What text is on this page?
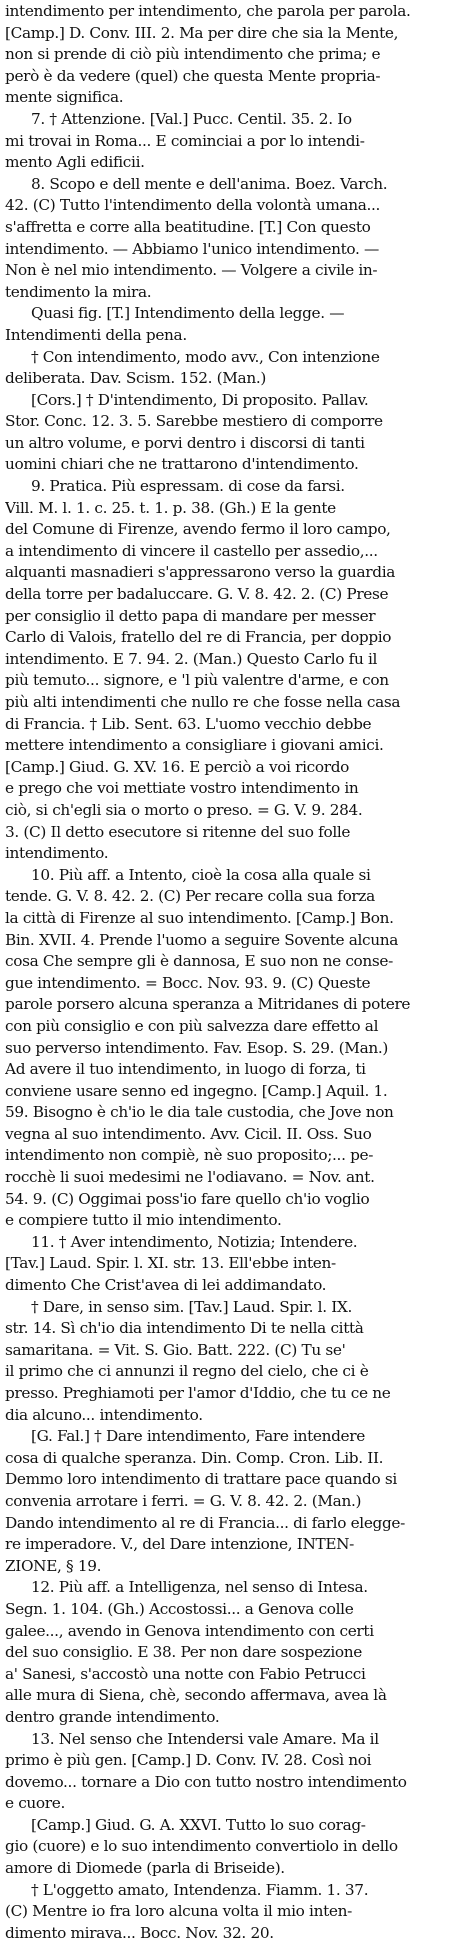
intendimento per intendimento, che parola per parola.
[Camp.] D. Conv. III. 2. Ma per dire che sia la Mente,
non si prende di ciò più intendimento che prima; e
però è da vedere (quel) che questa Mente propria-
mente significa.
7. † Attenzione. [Val.] Pucc. Centil. 35. 2. Io
mi trovai in Roma... E cominciai a por lo intendi-
mento Agli edificii.
8. Scopo e dell mente e dell'anima. Boez. Varch.
42. (C) Tutto l'intendimento della volontà umana...
s'affretta e corre alla beatitudine. [T.] Con questo
intendimento. — Abbiamo l'unico intendimento. —
Non è nel mio intendimento. — Volgere a civile in-
tendimento la mira.
Quasi fig. [T.] Intendimento della legge. —
Intendimenti della pena.
† Con intendimento, modo avv., Con intenzione
deliberata. Dav. Scism. 152. (Man.)
[Cors.] † D'intendimento, Di proposito. Pallav.
Stor. Conc. 12. 3. 5. Sarebbe mestiero di comporre
un altro volume, e porvi dentro i discorsi di tanti
uomini chiari che ne trattarono d'intendimento.
9. Pratica. Più espressam. di cose da farsi.
Vill. M. l. 1. c. 25. t. 1. p. 38. (Gh.) E la gente
del Comune di Firenze, avendo fermo il loro campo,
a intendimento di vincere il castello per assedio,...
alquanti masnadieri s'appressarono verso la guardia
della torre per badaluccare. G. V. 8. 42. 2. (C) Prese
per consiglio il detto papa di mandare per messer
Carlo di Valois, fratello del re di Francia, per doppio
intendimento. E 7. 94. 2. (Man.) Questo Carlo fu il
più temuto... signore, e 'l più valentre d'arme, e con
più alti intendimenti che nullo re che fosse nella casa
di Francia. † Lib. Sent. 63. L'uomo vecchio debbe
mettere intendimento a consigliare i giovani amici.
[Camp.] Giud. G. XV. 16. E perciò a voi ricordo
e prego che voi mettiate vostro intendimento in
ciò, si ch'egli sia o morto o preso. = G. V. 9. 284.
3. (C) Il detto esecutore si ritenne del suo folle
intendimento.
10. Più aff. a Intento, cioè la cosa alla quale si
tende. G. V. 8. 42. 2. (C) Per recare colla sua forza
la città di Firenze al suo intendimento. [Camp.] Bon.
Bin. XVII. 4. Prende l'uomo a seguire Sovente alcuna
cosa Che sempre gli è dannosa, E suo non ne conse-
gue intendimento. = Bocc. Nov. 93. 9. (C) Queste
parole porsero alcuna speranza a Mitridanes di potere
con più consiglio e con più salvezza dare effetto al
suo perverso intendimento. Fav. Esop. S. 29. (Man.)
Ad avere il tuo intendimento, in luogo di forza, ti
conviene usare senno ed ingegno. [Camp.] Aquil. 1.
59. Bisogno è ch'io le dia tale custodia, che Jove non
vegna al suo intendimento. Avv. Cicil. II. Oss. Suo
intendimento non compiè, nè suo proposito;... pe-
rocchè li suoi medesimi ne l'odiavano. = Nov. ant.
54. 9. (C) Oggimai poss'io fare quello ch'io voglio
e compiere tutto il mio intendimento.
11. † Aver intendimento, Notizia; Intendere.
[Tav.] Laud. Spir. l. XI. str. 13. Ell'ebbe inten-
dimento Che Crist'avea di lei addimandato.
† Dare, in senso sim. [Tav.] Laud. Spir. l. IX.
str. 14. Sì ch'io dia intendimento Di te nella città
samaritana. = Vit. S. Gio. Batt. 222. (C) Tu se'
il primo che ci annunzi il regno del cielo, che ci è
presso. Preghiamoti per l'amor d'Iddio, che tu ce ne
dia alcuno... intendimento.
[G. Fal.] † Dare intendimento, Fare intendere
cosa di qualche speranza. Din. Comp. Cron. Lib. II.
Demmo loro intendimento di trattare pace quando si
convenia arrotare i ferri. = G. V. 8. 42. 2. (Man.)
Dando intendimento al re di Francia... di farlo elegge-
re imperadore. V., del Dare intenzione, INTEN-
ZIONE, § 19.
12. Più aff. a Intelligenza, nel senso di Intesa.
Segn. 1. 104. (Gh.) Accostossi... a Genova colle
galee..., avendo in Genova intendimento con certi
del suo consiglio. E 38. Per non dare sospezione
a' Sanesi, s'accostò una notte con Fabio Petrucci
alle mura di Siena, chè, secondo affermava, avea là
dentro grande intendimento.
13. Nel senso che Intendersi vale Amare. Ma il
primo è più gen. [Camp.] D. Conv. IV. 28. Così noi
dovemo... tornare a Dio con tutto nostro intendimento
e cuore.
[Camp.] Giud. G. A. XXVI. Tutto lo suo corag-
gio (cuore) e lo suo intendimento convertiolo in dello
amore di Diomede (parla di Briseide).
† L'oggetto amato, Intendenza. Fiamm. 1. 37.
(C) Mentre io fra loro alcuna volta il mio inten-
dimento mirava... Bocc. Nov. 32. 20.
